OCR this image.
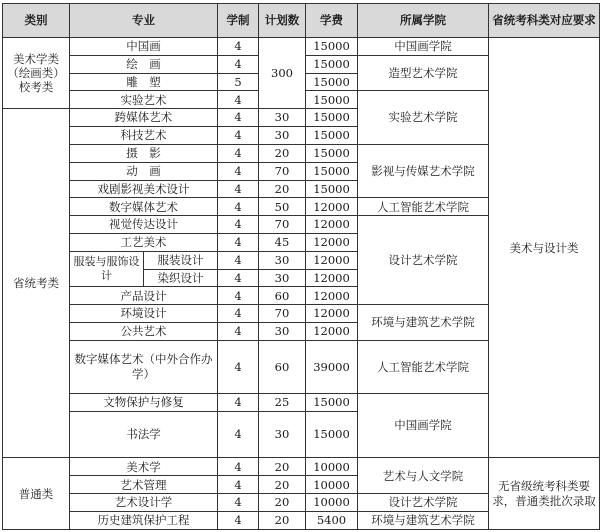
类别	专业		学制	计划数	学费	所属学院	省统考科类对应要求	
美术学类（绘画类）校考类	中国画		4	300	15000	中国画学院	美术与设计类	
	绘　画		4		15000	造型艺术学院		
	雕　塑		5		15000			
	实验艺术		4		15000	实验艺术学院		
省统考类	跨媒体艺术		4	30	15000			
	科技艺术		4	30	15000			
	摄　影		4	20	15000	影视与传媒艺术学院		
	动　画		4	70	15000			
	戏剧影视美术设计		4	20	15000			
	数字媒体艺术		4	50	12000	人工智能艺术学院		
	视觉传达设计		4	70	12000	设计艺术学院		
	工艺美术		4	45	12000			
	服装与服饰设计	服装设计	4	30	12000			
		染织设计	4	30	12000			
	产品设计		4	60	12000			
	环境设计		4	70	12000	环境与建筑艺术学院		
	公共艺术		4	30	12000			
	数字媒体艺术（中外合作办学）		4	60	39000	人工智能艺术学院		
	文物保护与修复		4	25	15000	中国画学院		
	书法学		4	30	15000	
普通类	美术学		4	20	10000	艺术与人文学院	无省级统考科类要求，普通类批次录取	
	艺术管理		4	20	10000			
	艺术设计学		4	20	10000	设计艺术学院		
	历史建筑保护工程		4	20	5400	环境与建筑艺术学院		
